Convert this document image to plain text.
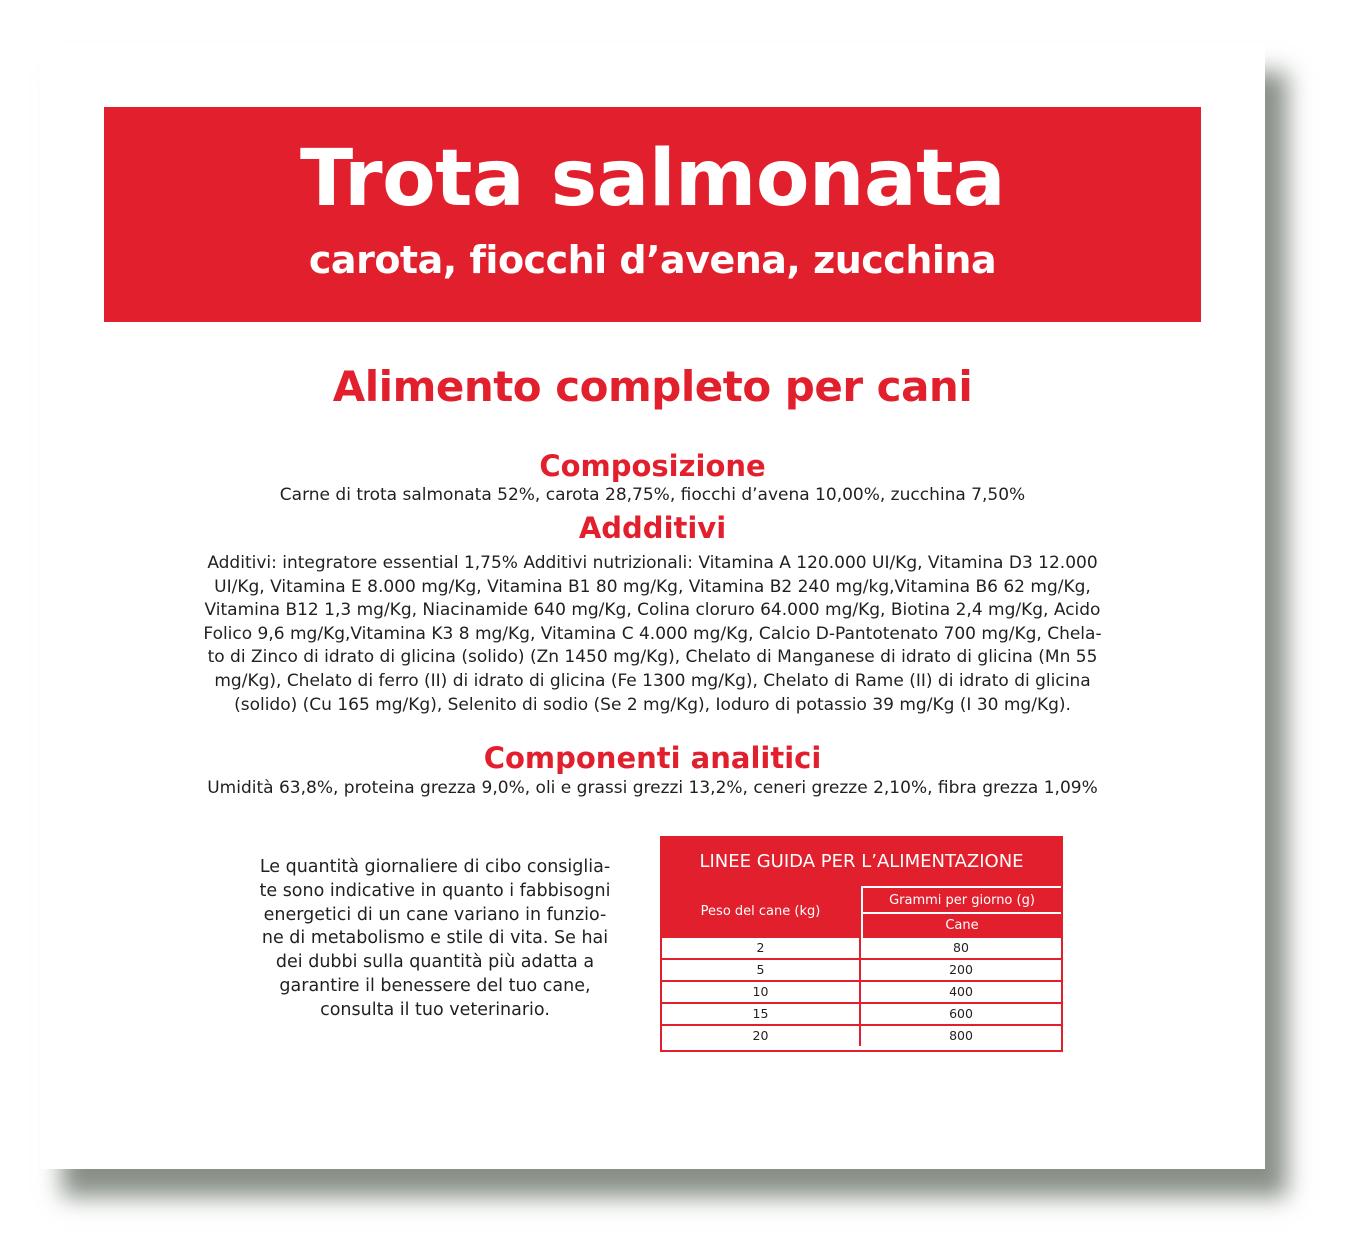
Trota salmonata
carota, fiocchi d’avena, zucchina
Alimento completo per cani
Composizione
Carne di trota salmonata 52%, carota 28,75%, fiocchi d’avena 10,00%, zucchina 7,50%
Addditivi
Additivi: integratore essential 1,75% Additivi nutrizionali: Vitamina A 120.000 UI/Kg, Vitamina D3 12.000
UI/Kg, Vitamina E 8.000 mg/Kg, Vitamina B1 80 mg/Kg, Vitamina B2 240 mg/kg,Vitamina B6 62 mg/Kg,
Vitamina B12 1,3 mg/Kg, Niacinamide 640 mg/Kg, Colina cloruro 64.000 mg/Kg, Biotina 2,4 mg/Kg, Acido
Folico 9,6 mg/Kg,Vitamina K3 8 mg/Kg, Vitamina C 4.000 mg/Kg, Calcio D-Pantotenato 700 mg/Kg, Chela-
to di Zinco di idrato di glicina (solido) (Zn 1450 mg/Kg), Chelato di Manganese di idrato di glicina (Mn 55
mg/Kg), Chelato di ferro (II) di idrato di glicina (Fe 1300 mg/Kg), Chelato di Rame (II) di idrato di glicina
(solido) (Cu 165 mg/Kg), Selenito di sodio (Se 2 mg/Kg), Ioduro di potassio 39 mg/Kg (I 30 mg/Kg).
Componenti analitici
Umidità 63,8%, proteina grezza 9,0%, oli e grassi grezzi 13,2%, ceneri grezze 2,10%, fibra grezza 1,09%
Le quantità giornaliere di cibo consiglia-
te sono indicative in quanto i fabbisogni
energetici di un cane variano in funzio-
ne di metabolismo e stile di vita. Se hai
dei dubbi sulla quantità più adatta a
garantire il benessere del tuo cane,
consulta il tuo veterinario.
LINEE GUIDA PER L’ALIMENTAZIONE
Peso del cane (kg)
Grammi per giorno (g)
Cane
2	80
5	200
10	400
15	600
20	800
